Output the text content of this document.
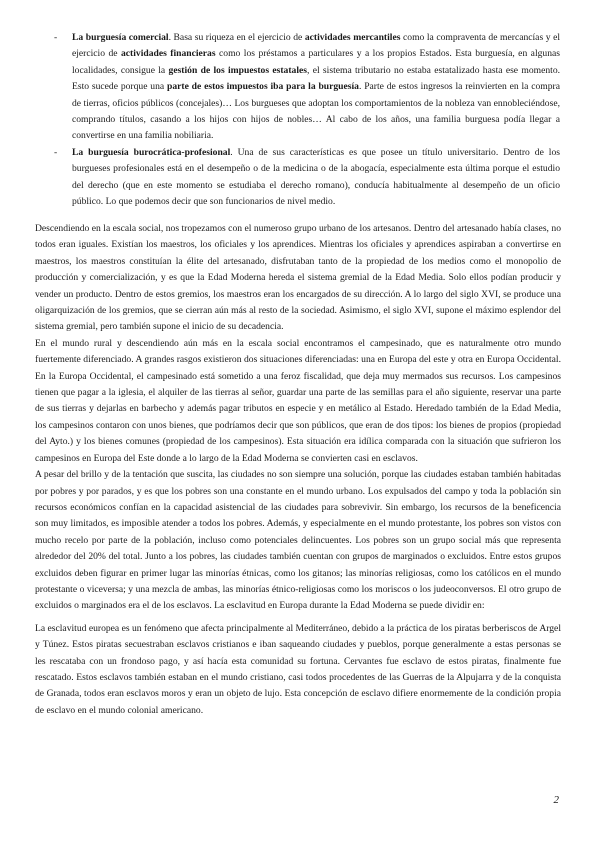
- La burguesía comercial. Basa su riqueza en el ejercicio de actividades mercantiles como la compraventa de mercancías y el ejercicio de actividades financieras como los préstamos a particulares y a los propios Estados. Esta burguesía, en algunas localidades, consigue la gestión de los impuestos estatales, el sistema tributario no estaba estatalizado hasta ese momento. Esto sucede porque una parte de estos impuestos iba para la burguesía. Parte de estos ingresos la reinvierten en la compra de tierras, oficios públicos (concejales)… Los burgueses que adoptan los comportamientos de la nobleza van ennobleciéndose, comprando títulos, casando a los hijos con hijos de nobles… Al cabo de los años, una familia burguesa podía llegar a convertirse en una familia nobiliaria.
- La burguesía burocrática-profesional. Una de sus características es que posee un título universitario. Dentro de los burgueses profesionales está en el desempeño o de la medicina o de la abogacía, especialmente esta última porque el estudio del derecho (que en este momento se estudiaba el derecho romano), conducía habitualmente al desempeño de un oficio público. Lo que podemos decir que son funcionarios de nivel medio.

Descendiendo en la escala social, nos tropezamos con el numeroso grupo urbano de los artesanos. Dentro del artesanado había clases, no todos eran iguales. Existían los maestros, los oficiales y los aprendices. Mientras los oficiales y aprendices aspiraban a convertirse en maestros, los maestros constituían la élite del artesanado, disfrutaban tanto de la propiedad de los medios como el monopolio de producción y comercialización, y es que la Edad Moderna hereda el sistema gremial de la Edad Media. Solo ellos podían producir y vender un producto. Dentro de estos gremios, los maestros eran los encargados de su dirección. A lo largo del siglo XVI, se produce una oligarquización de los gremios, que se cierran aún más al resto de la sociedad. Asimismo, el siglo XVI, supone el máximo esplendor del sistema gremial, pero también supone el inicio de su decadencia.

En el mundo rural y descendiendo aún más en la escala social encontramos el campesinado, que es naturalmente otro mundo fuertemente diferenciado. A grandes rasgos existieron dos situaciones diferenciadas: una en Europa del este y otra en Europa Occidental. En la Europa Occidental, el campesinado está sometido a una feroz fiscalidad, que deja muy mermados sus recursos. Los campesinos tienen que pagar a la iglesia, el alquiler de las tierras al señor, guardar una parte de las semillas para el año siguiente, reservar una parte de sus tierras y dejarlas en barbecho y además pagar tributos en especie y en metálico al Estado. Heredado también de la Edad Media, los campesinos contaron con unos bienes, que podríamos decir que son públicos, que eran de dos tipos: los bienes de propios (propiedad del Ayto.) y los bienes comunes (propiedad de los campesinos). Esta situación era idílica comparada con la situación que sufrieron los campesinos en Europa del Este donde a lo largo de la Edad Moderna se convierten casi en esclavos.

A pesar del brillo y de la tentación que suscita, las ciudades no son siempre una solución, porque las ciudades estaban también habitadas por pobres y por parados, y es que los pobres son una constante en el mundo urbano. Los expulsados del campo y toda la población sin recursos económicos confían en la capacidad asistencial de las ciudades para sobrevivir. Sin embargo, los recursos de la beneficencia son muy limitados, es imposible atender a todos los pobres. Además, y especialmente en el mundo protestante, los pobres son vistos con mucho recelo por parte de la población, incluso como potenciales delincuentes. Los pobres son un grupo social más que representa alrededor del 20% del total. Junto a los pobres, las ciudades también cuentan con grupos de marginados o excluidos. Entre estos grupos excluidos deben figurar en primer lugar las minorías étnicas, como los gitanos; las minorías religiosas, como los católicos en el mundo protestante o viceversa; y una mezcla de ambas, las minorías étnico-religiosas como los moriscos o los judeoconversos. El otro grupo de excluidos o marginados era el de los esclavos. La esclavitud en Europa durante la Edad Moderna se puede dividir en:

La esclavitud europea es un fenómeno que afecta principalmente al Mediterráneo, debido a la práctica de los piratas berberiscos de Argel y Túnez. Estos piratas secuestraban esclavos cristianos e iban saqueando ciudades y pueblos, porque generalmente a estas personas se les rescataba con un frondoso pago, y así hacía esta comunidad su fortuna. Cervantes fue esclavo de estos piratas, finalmente fue rescatado. Estos esclavos también estaban en el mundo cristiano, casi todos procedentes de las Guerras de la Alpujarra y de la conquista de Granada, todos eran esclavos moros y eran un objeto de lujo. Esta concepción de esclavo difiere enormemente de la condición propia de esclavo en el mundo colonial americano.

2
